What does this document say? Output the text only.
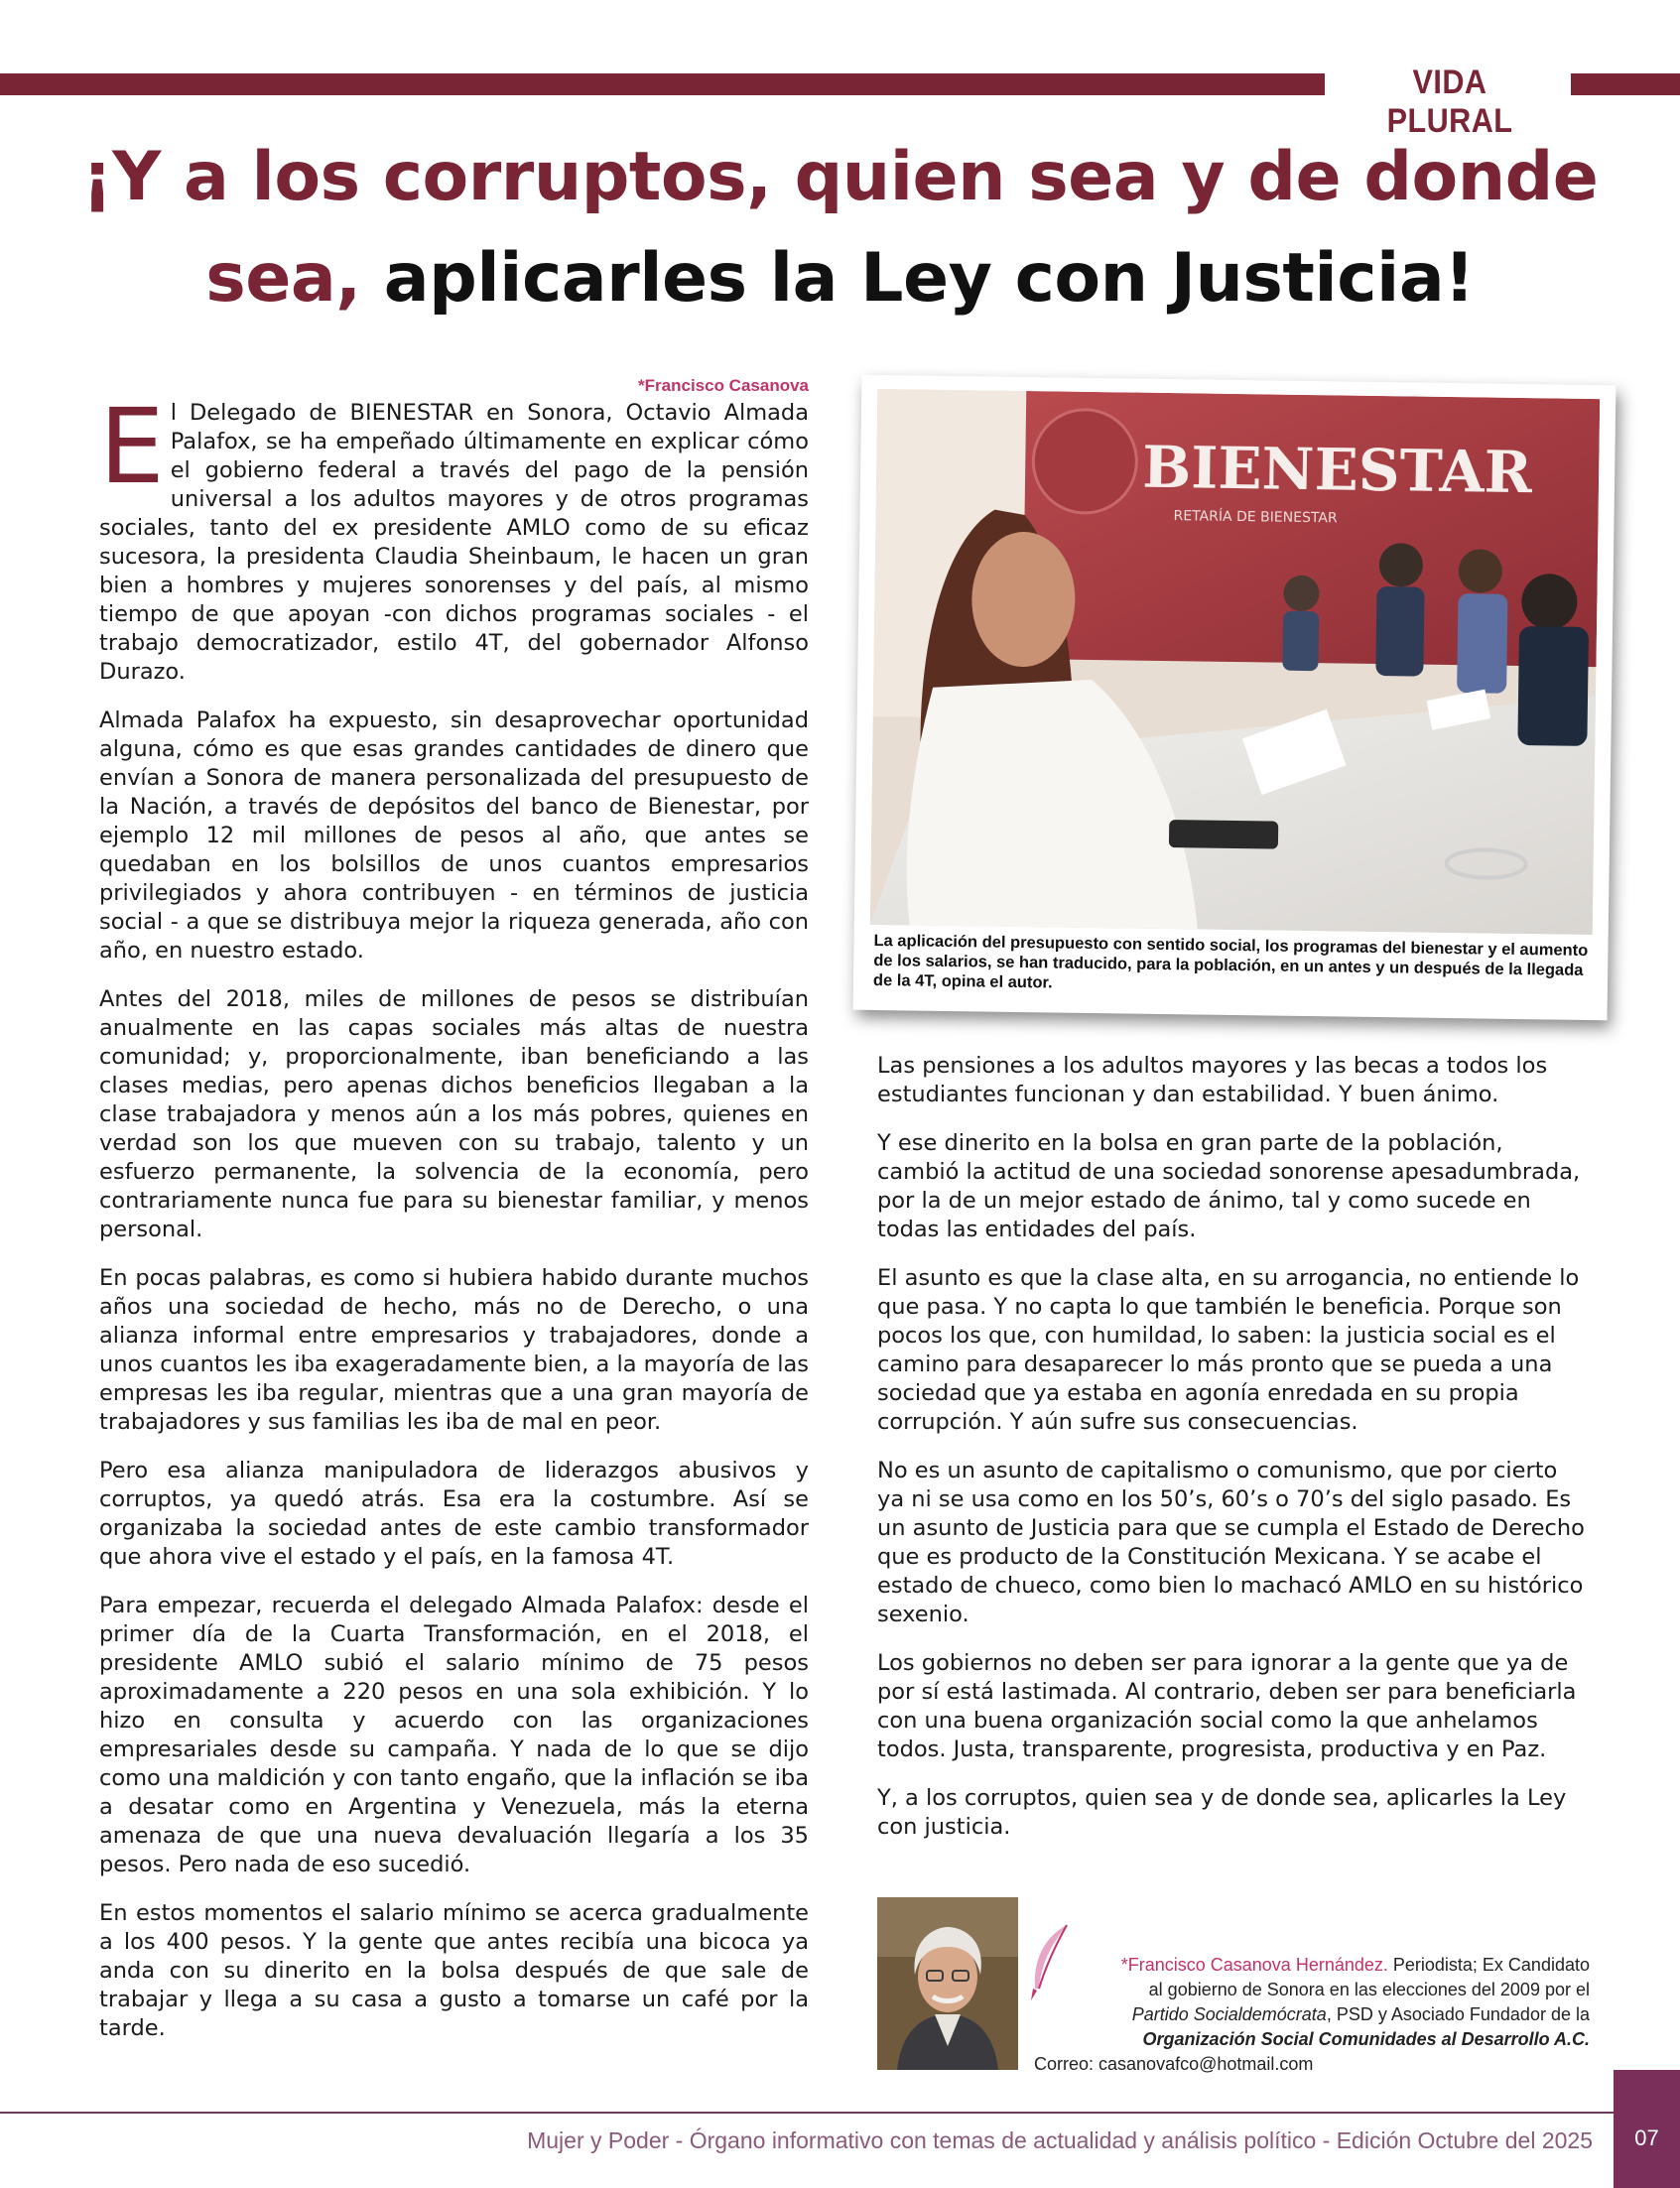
VIDA PLURAL
¡Y a los corruptos, quien sea y de donde sea, aplicarles la Ley con Justicia!
*Francisco Casanova

El Delegado de BIENESTAR en Sonora, Octavio Almada Palafox, se ha empeñado últimamente en explicar cómo el gobierno federal a través del pago de la pensión universal a los adultos mayores y de otros programas sociales, tanto del ex presidente AMLO como de su eficaz sucesora, la presidenta Claudia Sheinbaum, le hacen un gran bien a hombres y mujeres sonorenses y del país, al mismo tiempo de que apoyan -con dichos programas sociales - el trabajo democratizador, estilo 4T, del gobernador Alfonso Durazo.

Almada Palafox ha expuesto, sin desaprovechar oportunidad alguna, cómo es que esas grandes cantidades de dinero que envían a Sonora de manera personalizada del presupuesto de la Nación, a través de depósitos del banco de Bienestar, por ejemplo 12 mil millones de pesos al año, que antes se quedaban en los bolsillos de unos cuantos empresarios privilegiados y ahora contribuyen - en términos de justicia social - a que se distribuya mejor la riqueza generada, año con año, en nuestro estado.

Antes del 2018, miles de millones de pesos se distribuían anualmente en las capas sociales más altas de nuestra comunidad; y, proporcionalmente, iban beneficiando a las clases medias, pero apenas dichos beneficios llegaban a la clase trabajadora y menos aún a los más pobres, quienes en verdad son los que mueven con su trabajo, talento y un esfuerzo permanente, la solvencia de la economía, pero contrariamente nunca fue para su bienestar familiar, y menos personal.

En pocas palabras, es como si hubiera habido durante muchos años una sociedad de hecho, más no de Derecho, o una alianza informal entre empresarios y trabajadores, donde a unos cuantos les iba exageradamente bien, a la mayoría de las empresas les iba regular, mientras que a una gran mayoría de trabajadores y sus familias les iba de mal en peor.

Pero esa alianza manipuladora de liderazgos abusivos y corruptos, ya quedó atrás. Esa era la costumbre. Así se organizaba la sociedad antes de este cambio transformador que ahora vive el estado y el país, en la famosa 4T.

Para empezar, recuerda el delegado Almada Palafox: desde el primer día de la Cuarta Transformación, en el 2018, el presidente AMLO subió el salario mínimo de 75 pesos aproximadamente a 220 pesos en una sola exhibición. Y lo hizo en consulta y acuerdo con las organizaciones empresariales desde su campaña. Y nada de lo que se dijo como una maldición y con tanto engaño, que la inflación se iba a desatar como en Argentina y Venezuela, más la eterna amenaza de que una nueva devaluación llegaría a los 35 pesos. Pero nada de eso sucedió.

En estos momentos el salario mínimo se acerca gradualmente a los 400 pesos. Y la gente que antes recibía una bicoca ya anda con su dinerito en la bolsa después de que sale de trabajar y llega a su casa a gusto a tomarse un café por la tarde.

BIENESTAR
RETARÍA DE BIENESTAR
La aplicación del presupuesto con sentido social, los programas del bienestar y el aumento de los salarios, se han traducido, para la población, en un antes y un después de la llegada de la 4T, opina el autor.

Las pensiones a los adultos mayores y las becas a todos los estudiantes funcionan y dan estabilidad. Y buen ánimo.

Y ese dinerito en la bolsa en gran parte de la población, cambió la actitud de una sociedad sonorense apesadumbrada, por la de un mejor estado de ánimo, tal y como sucede en todas las entidades del país.

El asunto es que la clase alta, en su arrogancia, no entiende lo que pasa. Y no capta lo que también le beneficia. Porque son pocos los que, con humildad, lo saben: la justicia social es el camino para desaparecer lo más pronto que se pueda a una sociedad que ya estaba en agonía enredada en su propia corrupción. Y aún sufre sus consecuencias.

No es un asunto de capitalismo o comunismo, que por cierto ya ni se usa como en los 50’s, 60’s o 70’s del siglo pasado. Es un asunto de Justicia para que se cumpla el Estado de Derecho que es producto de la Constitución Mexicana. Y se acabe el estado de chueco, como bien lo machacó AMLO en su histórico sexenio.

Los gobiernos no deben ser para ignorar a la gente que ya de por sí está lastimada. Al contrario, deben ser para beneficiarla con una buena organización social como la que anhelamos todos. Justa, transparente, progresista, productiva y en Paz.

Y, a los corruptos, quien sea y de donde sea, aplicarles la Ley con justicia.

*Francisco Casanova Hernández. Periodista; Ex Candidato
al gobierno de Sonora en las elecciones del 2009 por el
Partido Socialdemócrata, PSD y Asociado Fundador de la
Organización Social Comunidades al Desarrollo A.C.
Correo: casanovafco@hotmail.com
Mujer y Poder - Órgano informativo con temas de actualidad y análisis político - Edición Octubre del 2025	07
